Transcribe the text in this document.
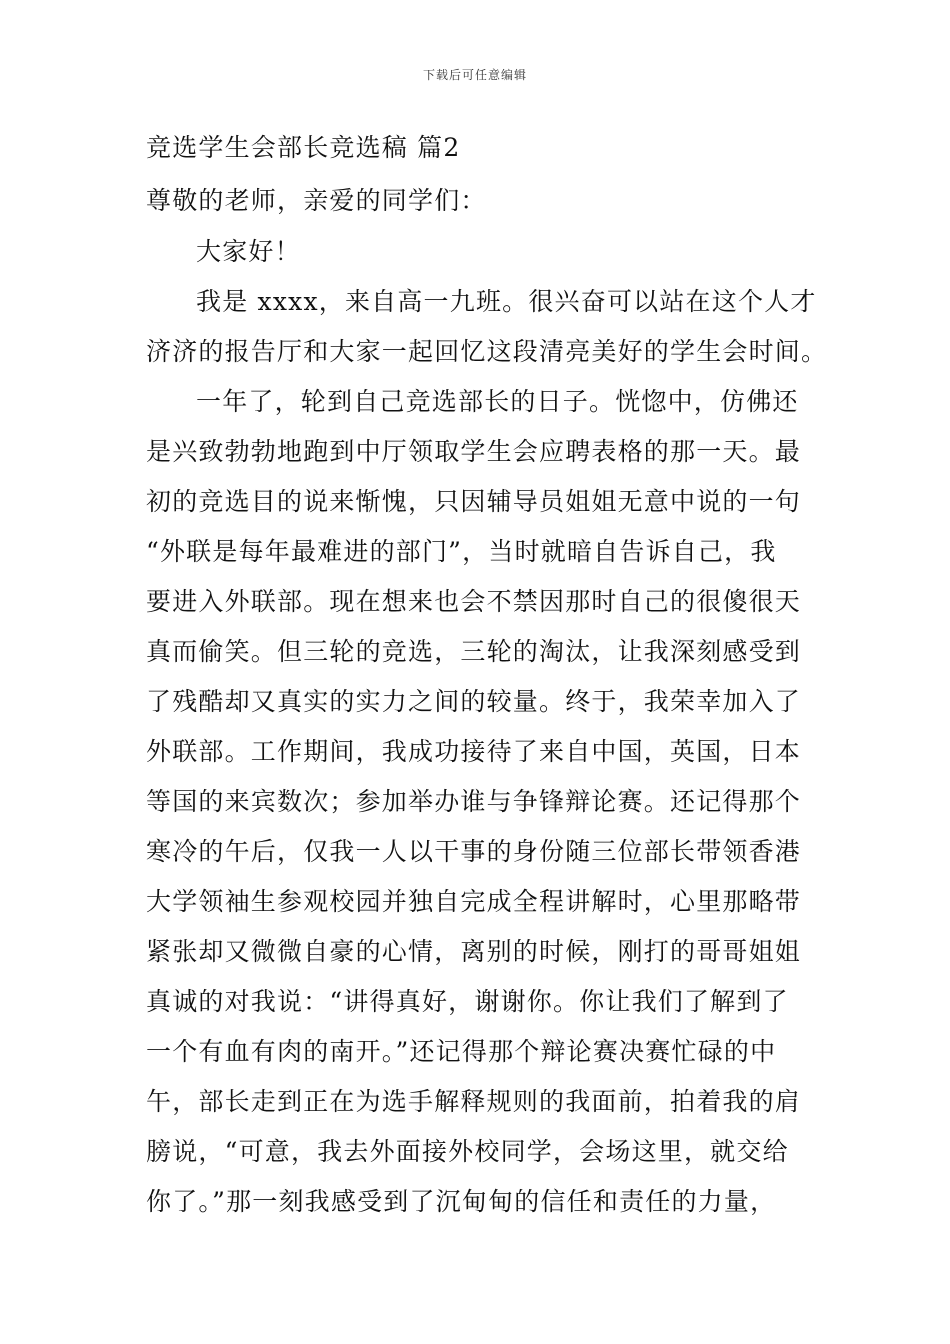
下载后可任意编辑
竞选学生会部长竞选稿 篇2
尊敬的老师，亲爱的同学们：
大家好！
我是 xxxx，来自高一九班。很兴奋可以站在这个人才
济济的报告厅和大家一起回忆这段清亮美好的学生会时间。
一年了，轮到自己竞选部长的日子。恍惚中，仿佛还
是兴致勃勃地跑到中厅领取学生会应聘表格的那一天。最
初的竞选目的说来惭愧，只因辅导员姐姐无意中说的一句
“外联是每年最难进的部门”，当时就暗自告诉自己，我
要进入外联部。现在想来也会不禁因那时自己的很傻很天
真而偷笑。但三轮的竞选，三轮的淘汰，让我深刻感受到
了残酷却又真实的实力之间的较量。终于，我荣幸加入了
外联部。工作期间，我成功接待了来自中国，英国，日本
等国的来宾数次；参加举办谁与争锋辩论赛。还记得那个
寒冷的午后，仅我一人以干事的身份随三位部长带领香港
大学领袖生参观校园并独自完成全程讲解时，心里那略带
紧张却又微微自豪的心情，离别的时候，刚打的哥哥姐姐
真诚的对我说：“讲得真好，谢谢你。你让我们了解到了
一个有血有肉的南开。”还记得那个辩论赛决赛忙碌的中
午，部长走到正在为选手解释规则的我面前，拍着我的肩
膀说，“可意，我去外面接外校同学，会场这里，就交给
你了。”那一刻我感受到了沉甸甸的信任和责任的力量，
